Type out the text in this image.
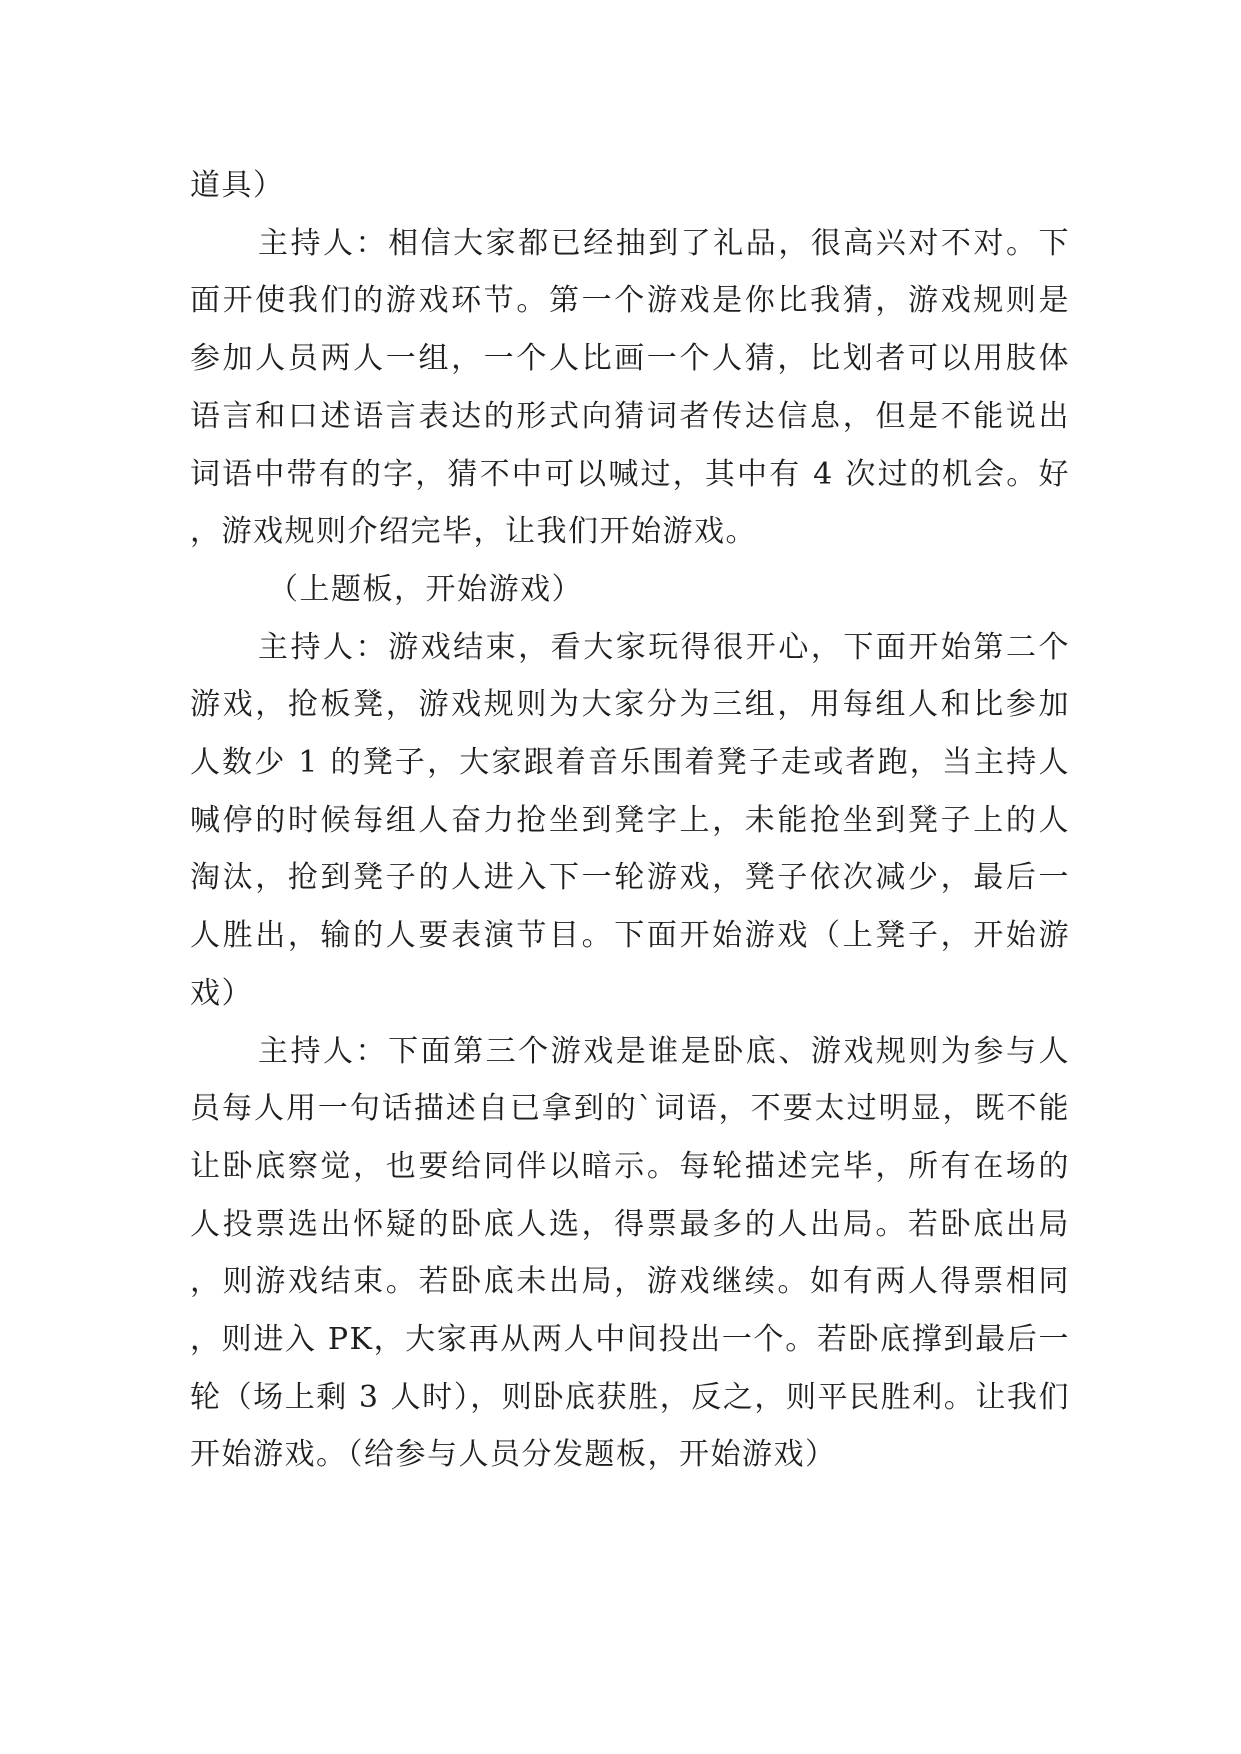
道具）

主持人：相信大家都已经抽到了礼品，很高兴对不对。下面开使我们的游戏环节。第一个游戏是你比我猜，游戏规则是参加人员两人一组，一个人比画一个人猜，比划者可以用肢体语言和口述语言表达的形式向猜词者传达信息，但是不能说出词语中带有的字，猜不中可以喊过，其中有 4 次过的机会。好，游戏规则介绍完毕，让我们开始游戏。

（上题板，开始游戏）

主持人：游戏结束，看大家玩得很开心，下面开始第二个游戏，抢板凳，游戏规则为大家分为三组，用每组人和比参加人数少 1 的凳子，大家跟着音乐围着凳子走或者跑，当主持人喊停的时候每组人奋力抢坐到凳字上，未能抢坐到凳子上的人淘汰，抢到凳子的人进入下一轮游戏，凳子依次减少，最后一人胜出，输的人要表演节目。下面开始游戏（上凳子，开始游戏）

主持人：下面第三个游戏是谁是卧底、游戏规则为参与人员每人用一句话描述自已拿到的`词语，不要太过明显，既不能让卧底察觉，也要给同伴以暗示。每轮描述完毕，所有在场的人投票选出怀疑的卧底人选，得票最多的人出局。若卧底出局，则游戏结束。若卧底未出局，游戏继续。如有两人得票相同，则进入 PK，大家再从两人中间投出一个。若卧底撑到最后一轮（场上剩 3 人时），则卧底获胜，反之，则平民胜利。让我们开始游戏。（给参与人员分发题板，开始游戏）
